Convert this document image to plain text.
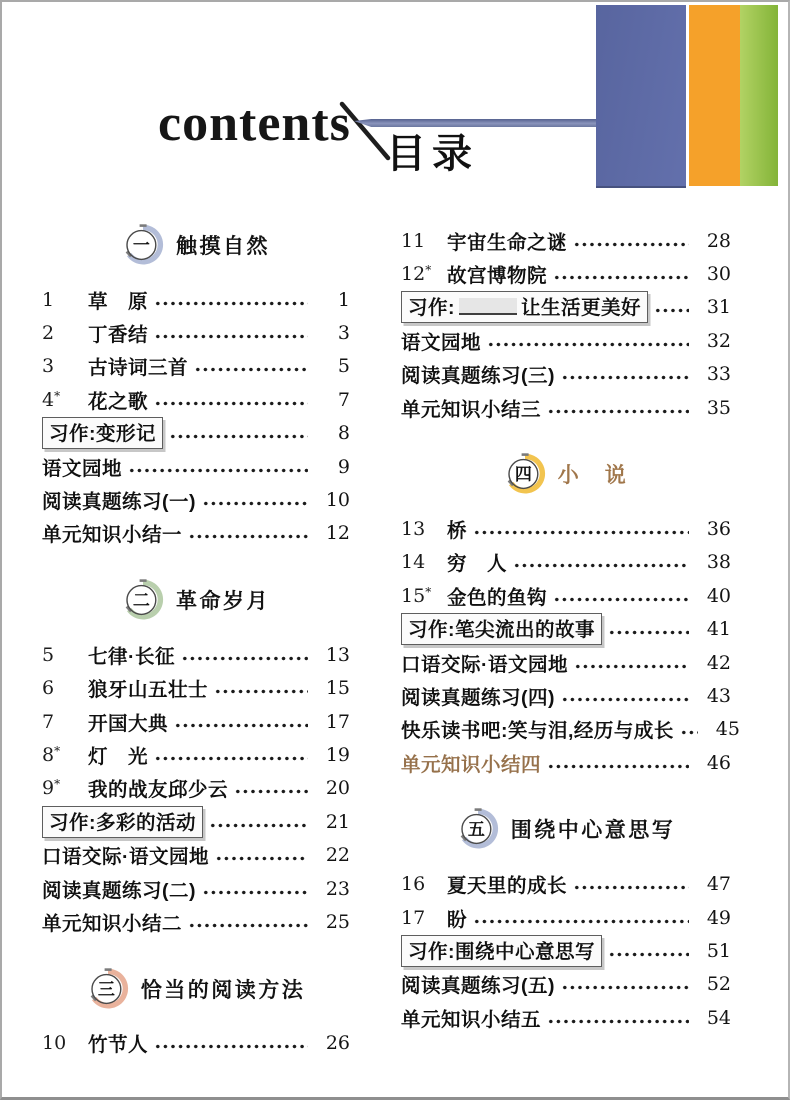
contents
目录
一 触摸自然
1	草　原	1
2	丁香结	3
3	古诗词三首	5
4*	花之歌	7
习作:变形记	8
语文园地	9
阅读真题练习(一)	10
单元知识小结一	12
二 革命岁月
5	七律·长征	13
6	狼牙山五壮士	15
7	开国大典	17
8*	灯　光	19
9*	我的战友邱少云	20
习作:多彩的活动	21
口语交际·语文园地	22
阅读真题练习(二)	23
单元知识小结二	25
三 恰当的阅读方法
10	竹节人	26
11	宇宙生命之谜	28
12* 故宫博物院	30
习作:	让生活更美好	31
语文园地	32
阅读真题练习(三)	33
单元知识小结三	35
四 小　说
13	桥	36
14	穷　人	38
15* 金色的鱼钩	40
习作:笔尖流出的故事	41
口语交际·语文园地	42
阅读真题练习(四)	43
快乐读书吧:笑与泪,经历与成长	45
单元知识小结四	46
五 围绕中心意思写
16	夏天里的成长	47
17	盼	49
习作:围绕中心意思写	51
阅读真题练习(五)	52
单元知识小结五	54
